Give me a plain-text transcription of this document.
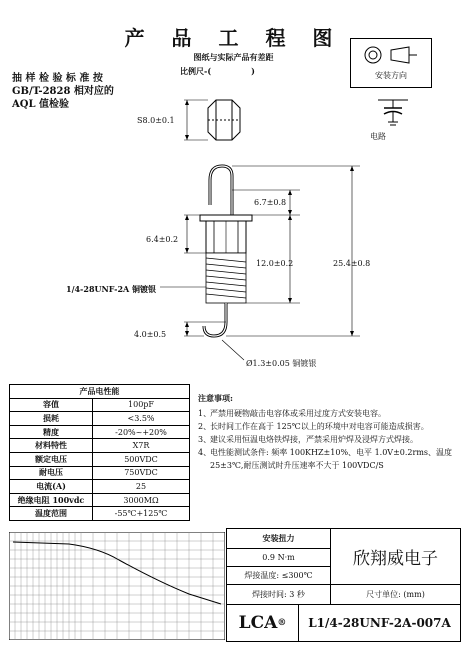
产 品 工 程 图
图纸与实际产品有差距
比例尺-(	)
抽 样 检 验 标 准 按
GB/T-2828 相对应的
AQL 值检验
安装方向
电路
S8.0±0.1
6.7±0.8
6.4±0.2
12.0±0.2	25.4±0.8
1/4-28UNF-2A 铜镀银
4.0±0.5
Ø1.3±0.05 铜镀银
产品电性能	
容值	100pF
损耗	<3.5%
精度	-20%~+20%
材料特性	X7R
额定电压	500VDC
耐电压	750VDC
电流(A)	25
绝缘电阻 100vdc	3000MΩ
温度范围	-55℃+125℃
注意事项:
1、
严禁用硬物敲击电容体或采用过度方式安装电容。
2、
长时间工作在高于 125℃以上的环境中对电容可能造成损害。
3、
建议采用恒温电烙铁焊接，严禁采用炉焊及浸焊方式焊接。
4、
电性能测试条件: 频率 100KHZ±10%、电平 1.0V±0.2rms、温度 25±3℃,耐压测试时升压速率不大于 100VDC/S
安装扭力
0.9 N·m	欣翔威电子
焊接温度: ≤300℃
焊接时间: 3 秒	尺寸单位: (mm)
LCA ®	L1/4-28UNF-2A-007A
